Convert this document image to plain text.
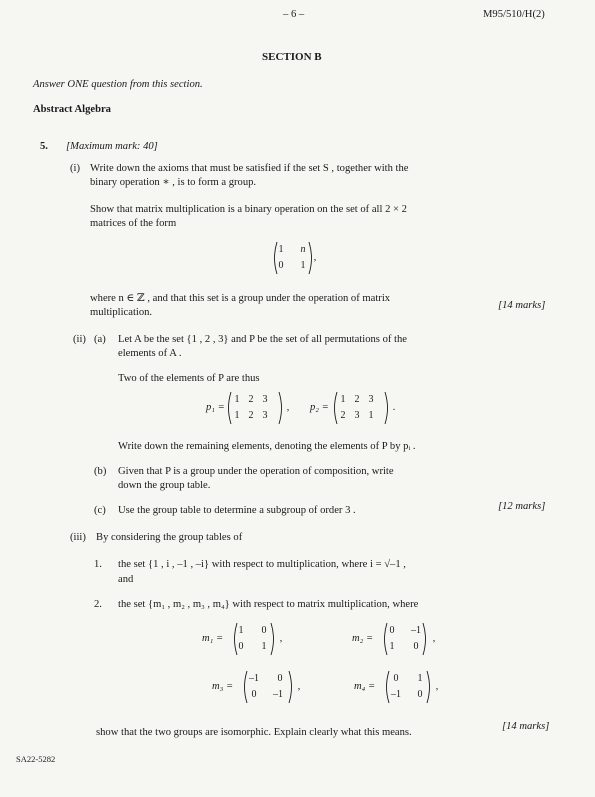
– 6 –	M95/510/H(2)
SECTION B
Answer ONE question from this section.
Abstract Algebra
5. [Maximum mark: 40]
(i) Write down the axioms that must be satisfied if the set S , together with the
binary operation ∗ , is to form a group.
Show that matrix multiplication is a binary operation on the set of all 2 × 2
matrices of the form
1	n
0	1
,
where n ∈ ℤ , and that this set is a group under the operation of matrix
multiplication.
[14 marks]
(ii) (a) Let A be the set {1 , 2 , 3} and P be the set of all permutations of the
elements of A .
Two of the elements of P are thus
p₁ =
1 2 3
1 2 3
, p₂ =
1 2 3
2 3 1
.
Write down the remaining elements, denoting the elements of P by pᵢ .
(b) Given that P is a group under the operation of composition, write
down the group table.
(c) Use the group table to determine a subgroup of order 3 .	[12 marks]
(iii) By considering the group tables of
1. the set {1 , i , –1 , –i} with respect to multiplication, where i = √–1 ,
and
2. the set {m₁ , m₂ , m₃ , m₄} with respect to matrix multiplication, where
m₁ =
1	0
0	1
,	m₂ =
0	–1
1	0
,
m₃ =
–1	0
0	–1
,	m₄ =
0	1
–1	0
,
show that the two groups are isomorphic. Explain clearly what this means.
[14 marks]
SA22-5282
